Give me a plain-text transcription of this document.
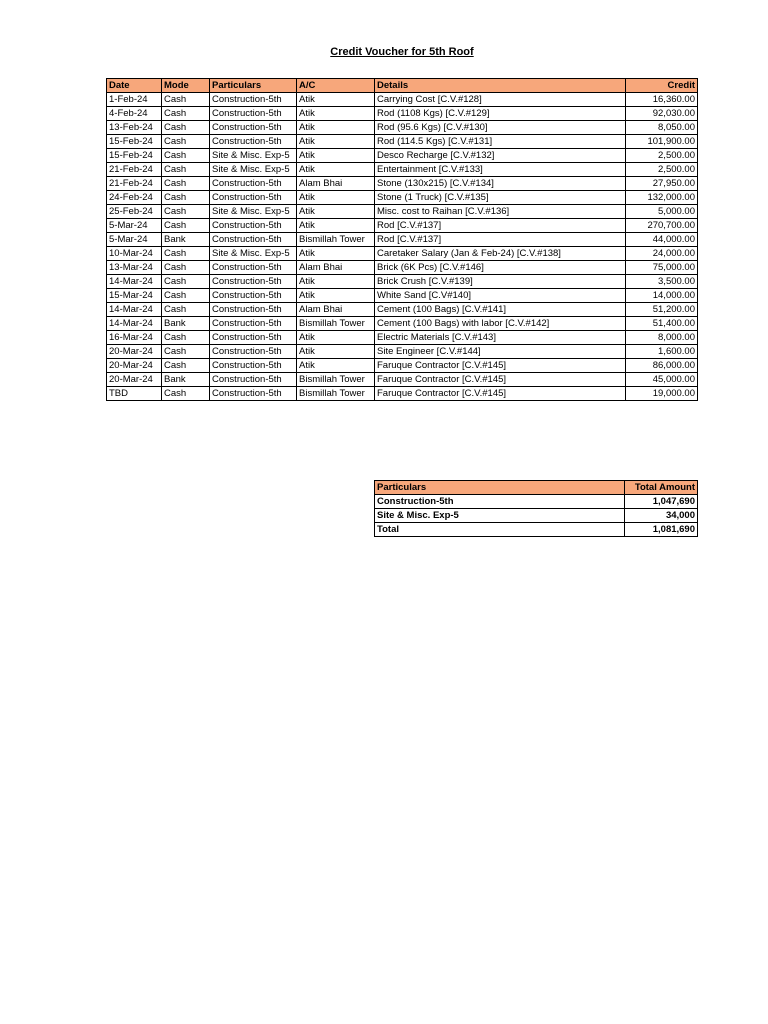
Credit Voucher for 5th Roof
Date	Mode	Particulars	A/C	Details	Credit
1-Feb-24	Cash	Construction-5th	Atik	Carrying Cost [C.V.#128]	16,360.00
4-Feb-24	Cash	Construction-5th	Atik	Rod (1108 Kgs) [C.V.#129]	92,030.00
13-Feb-24	Cash	Construction-5th	Atik	Rod (95.6 Kgs) [C.V.#130]	8,050.00
15-Feb-24	Cash	Construction-5th	Atik	Rod (114.5 Kgs) [C.V.#131]	101,900.00
15-Feb-24	Cash	Site & Misc. Exp-5	Atik	Desco Recharge [C.V.#132]	2,500.00
21-Feb-24	Cash	Site & Misc. Exp-5	Atik	Entertainment [C.V.#133]	2,500.00
21-Feb-24	Cash	Construction-5th	Alam Bhai	Stone (130x215) [C.V.#134]	27,950.00
24-Feb-24	Cash	Construction-5th	Atik	Stone (1 Truck) [C.V.#135]	132,000.00
25-Feb-24	Cash	Site & Misc. Exp-5	Atik	Misc. cost to Raihan [C.V.#136]	5,000.00
5-Mar-24	Cash	Construction-5th	Atik	Rod [C.V.#137]	270,700.00
5-Mar-24	Bank	Construction-5th	Bismillah Tower	Rod [C.V.#137]	44,000.00
10-Mar-24	Cash	Site & Misc. Exp-5	Atik	Caretaker Salary (Jan & Feb-24) [C.V.#138]	24,000.00
13-Mar-24	Cash	Construction-5th	Alam Bhai	Brick (6K Pcs) [C.V.#146]	75,000.00
14-Mar-24	Cash	Construction-5th	Atik	Brick Crush [C.V.#139]	3,500.00
15-Mar-24	Cash	Construction-5th	Atik	White Sand [C.V#140]	14,000.00
14-Mar-24	Cash	Construction-5th	Alam Bhai	Cement (100 Bags) [C.V.#141]	51,200.00
14-Mar-24	Bank	Construction-5th	Bismillah Tower	Cement (100 Bags) with labor [C.V.#142]	51,400.00
16-Mar-24	Cash	Construction-5th	Atik	Electric Materials [C.V.#143]	8,000.00
20-Mar-24	Cash	Construction-5th	Atik	Site Engineer [C.V.#144]	1,600.00
20-Mar-24	Cash	Construction-5th	Atik	Faruque Contractor [C.V.#145]	86,000.00
20-Mar-24	Bank	Construction-5th	Bismillah Tower	Faruque Contractor [C.V.#145]	45,000.00
TBD	Cash	Construction-5th	Bismillah Tower	Faruque Contractor [C.V.#145]	19,000.00
Particulars	Total Amount
Construction-5th	1,047,690
Site & Misc. Exp-5	34,000
Total	1,081,690
